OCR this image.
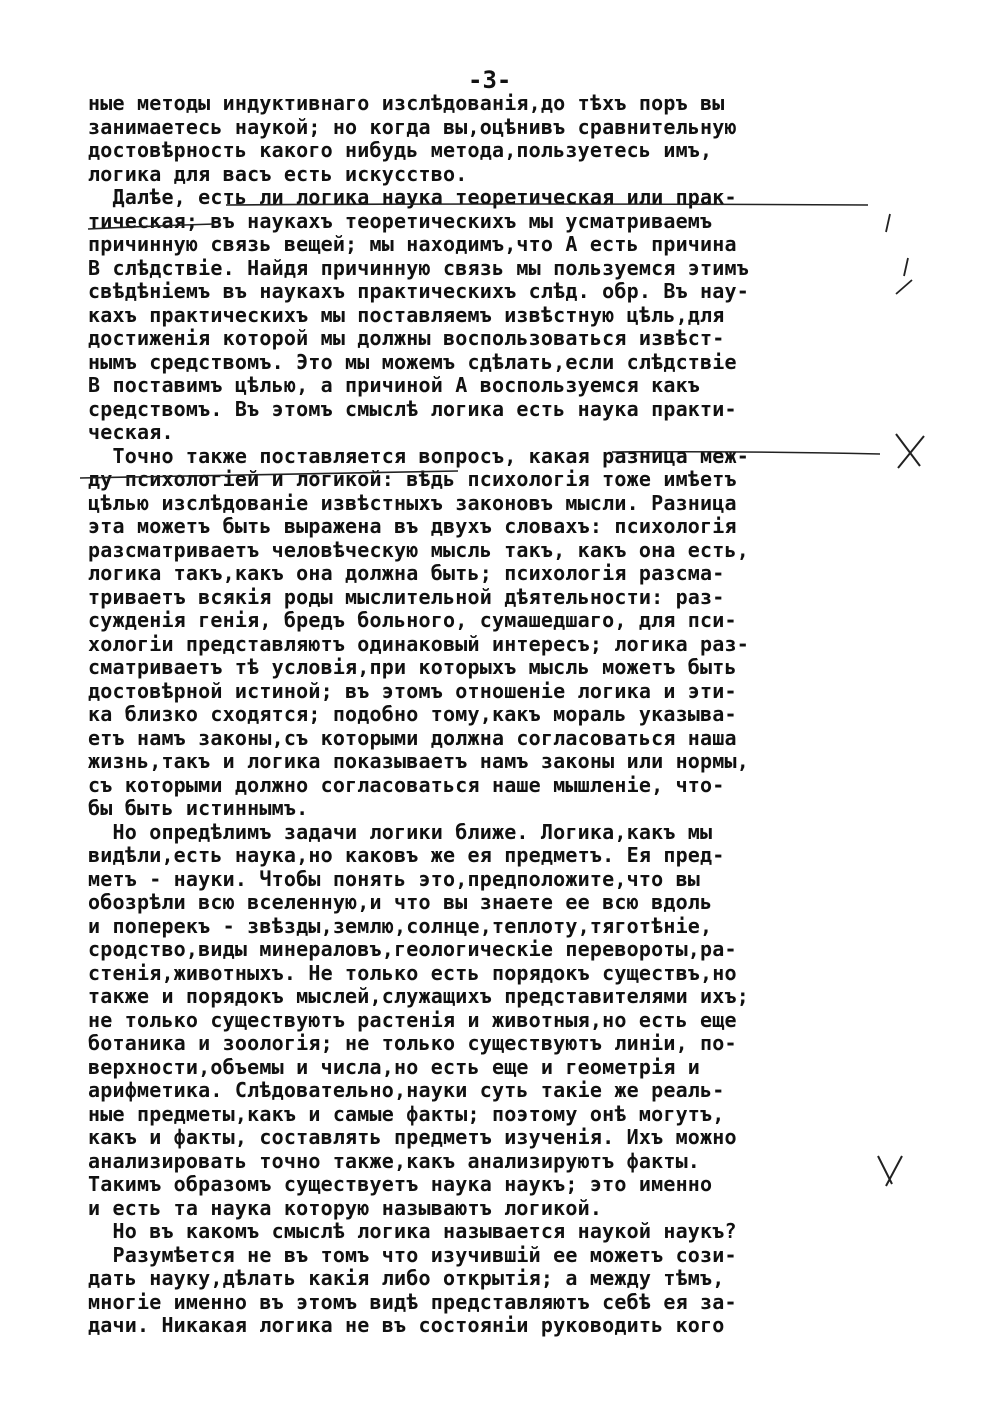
-3-
ные методы индуктивнаго изслѣдованія,до тѣхъ поръ вы
занимаетесь наукой; но когда вы,оцѣнивъ сравнительную
достовѣрность какого нибудь метода,пользуетесь имъ,
логика для васъ есть искусство.
Далѣе, есть ли логика наука теоретическая или прак-
тическая; въ наукахъ теоретическихъ мы усматриваемъ
причинную связь вещей; мы находимъ,что А есть причина
В слѣдствіе. Найдя причинную связь мы пользуемся этимъ
свѣдѣніемъ въ наукахъ практическихъ слѣд. обр. Въ нау-
кахъ практическихъ мы поставляемъ извѣстную цѣль,для
достиженія которой мы должны воспользоваться извѣст-
нымъ средствомъ. Это мы можемъ сдѣлать,если слѣдствіе
В поставимъ цѣлью, а причиной А воспользуемся какъ
средствомъ. Въ этомъ смыслѣ логика есть наука практи-
ческая.
Точно также поставляется вопросъ, какая разница меж-
ду психологіей и логикой: вѣдь психологія тоже имѣетъ
цѣлью изслѣдованіе извѣстныхъ законовъ мысли. Разница
эта можетъ быть выражена въ двухъ словахъ: психологія
разсматриваетъ человѣческую мысль такъ, какъ она есть,
логика такъ,какъ она должна быть; психологія разсма-
триваетъ всякія роды мыслительной дѣятельности: раз-
сужденія генія, бредъ больного, сумашедшаго, для пси-
хологіи представляютъ одинаковый интересъ; логика раз-
сматриваетъ тѣ условія,при которыхъ мысль можетъ быть
достовѣрной истиной; въ этомъ отношеніе логика и эти-
ка близко сходятся; подобно тому,какъ мораль указыва-
етъ намъ законы,съ которыми должна согласоваться наша
жизнь,такъ и логика показываетъ намъ законы или нормы,
съ которыми должно согласоваться наше мышленіе, что-
бы быть истиннымъ.
Но опредѣлимъ задачи логики ближе. Логика,какъ мы
видѣли,есть наука,но каковъ же ея предметъ. Ея пред-
метъ - науки. Чтобы понять это,предположите,что вы
обозрѣли всю вселенную,и что вы знаете ее всю вдоль
и поперекъ - звѣзды,землю,солнце,теплоту,тяготѣніе,
сродство,виды минераловъ,геологическіе перевороты,ра-
стенія,животныхъ. Не только есть порядокъ существъ,но
также и порядокъ мыслей,служащихъ представителями ихъ;
не только существуютъ растенія и животныя,но есть еще
ботаника и зоологія; не только существуютъ линіи, по-
верхности,объемы и числа,но есть еще и геометрія и
арифметика. Слѣдовательно,науки суть такіе же реаль-
ные предметы,какъ и самые факты; поэтому онѣ могутъ,
какъ и факты, составлять предметъ изученія. Ихъ можно
анализировать точно также,какъ анализируютъ факты.
Такимъ образомъ существуетъ наука наукъ; это именно
и есть та наука которую называютъ логикой.
Но въ какомъ смыслѣ логика называется наукой наукъ?
Разумѣется не въ томъ что изучившій ее можетъ сози-
дать науку,дѣлать какія либо открытія; а между тѣмъ,
многіе именно въ этомъ видѣ представляютъ себѣ ея за-
дачи. Никакая логика не въ состояніи руководить кого
